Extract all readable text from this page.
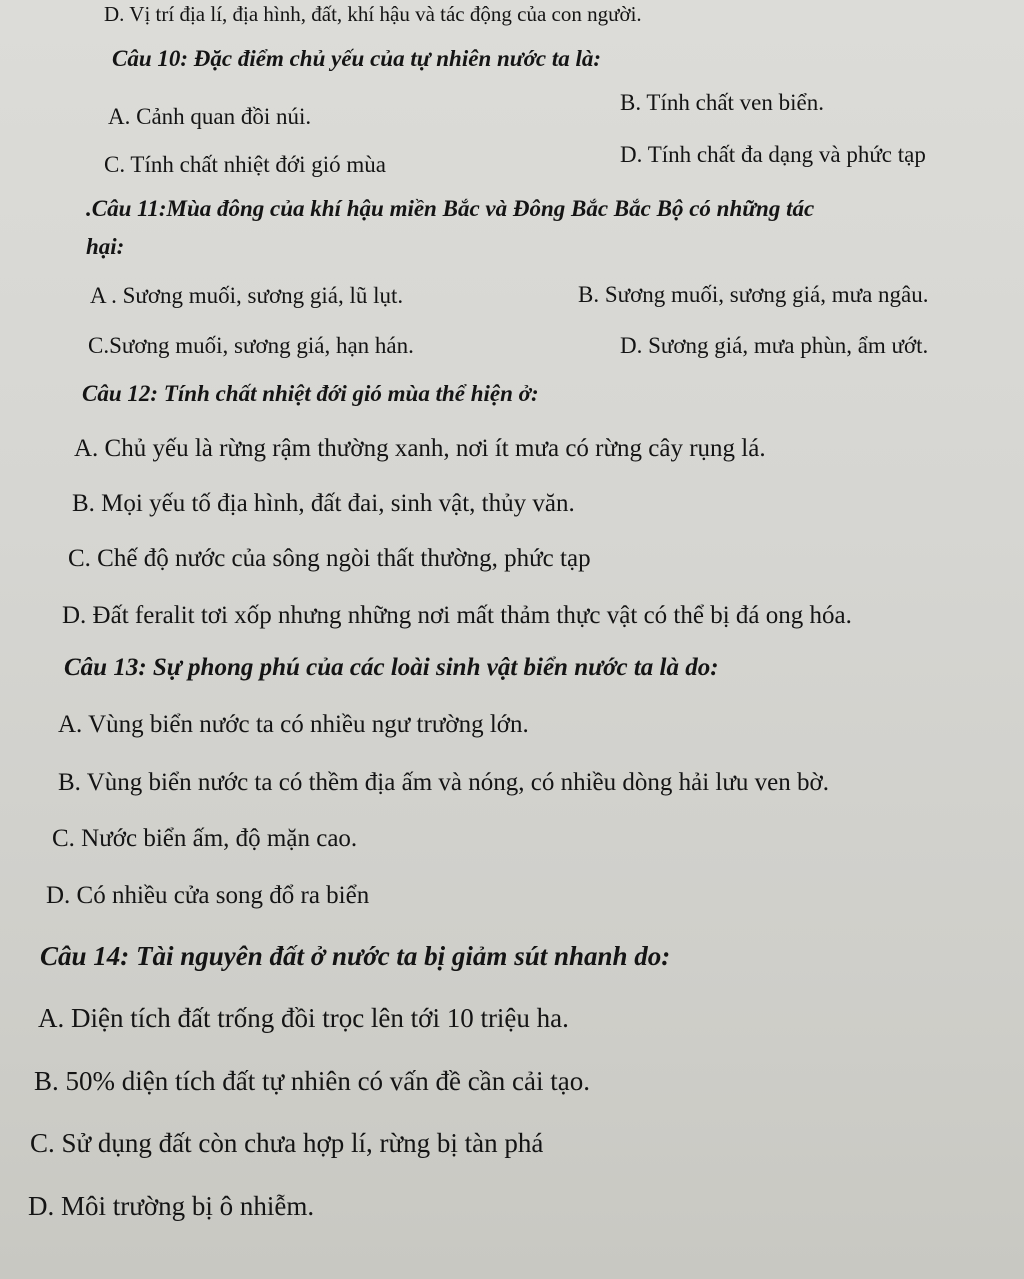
D. Vị trí địa lí, địa hình, đất, khí hậu và tác động của con người.
Câu 10: Đặc điểm chủ yếu của tự nhiên nước ta là:
A. Cảnh quan đồi núi.
B. Tính chất ven biển.
C. Tính chất nhiệt đới gió mùa	D. Tính chất đa dạng và phức tạp
.Câu 11:Mùa đông của khí hậu miền Bắc và Đông Bắc Bắc Bộ có những tác
hại:
A . Sương muối, sương giá, lũ lụt.	B. Sương muối, sương giá, mưa ngâu.
C.Sương muối, sương giá, hạn hán.	D. Sương giá, mưa phùn, ẩm ướt.
Câu 12: Tính chất nhiệt đới gió mùa thể hiện ở:
A. Chủ yếu là rừng rậm thường xanh, nơi ít mưa có rừng cây rụng lá.
B. Mọi yếu tố địa hình, đất đai, sinh vật, thủy văn.
C. Chế độ nước của sông ngòi thất thường, phức tạp
D. Đất feralit tơi xốp nhưng những nơi mất thảm thực vật có thể bị đá ong hóa.
Câu 13: Sự phong phú của các loài sinh vật biển nước ta là do:
A. Vùng biển nước ta có nhiều ngư trường lớn.
B. Vùng biển nước ta có thềm địa ấm và nóng, có nhiều dòng hải lưu ven bờ.
C. Nước biển ấm, độ mặn cao.
D. Có nhiều cửa song đổ ra biển
Câu 14: Tài nguyên đất ở nước ta bị giảm sút nhanh do:
A. Diện tích đất trống đồi trọc lên tới 10 triệu ha.
B. 50% diện tích đất tự nhiên có vấn đề cần cải tạo.
C. Sử dụng đất còn chưa hợp lí, rừng bị tàn phá
D. Môi trường bị ô nhiễm.
